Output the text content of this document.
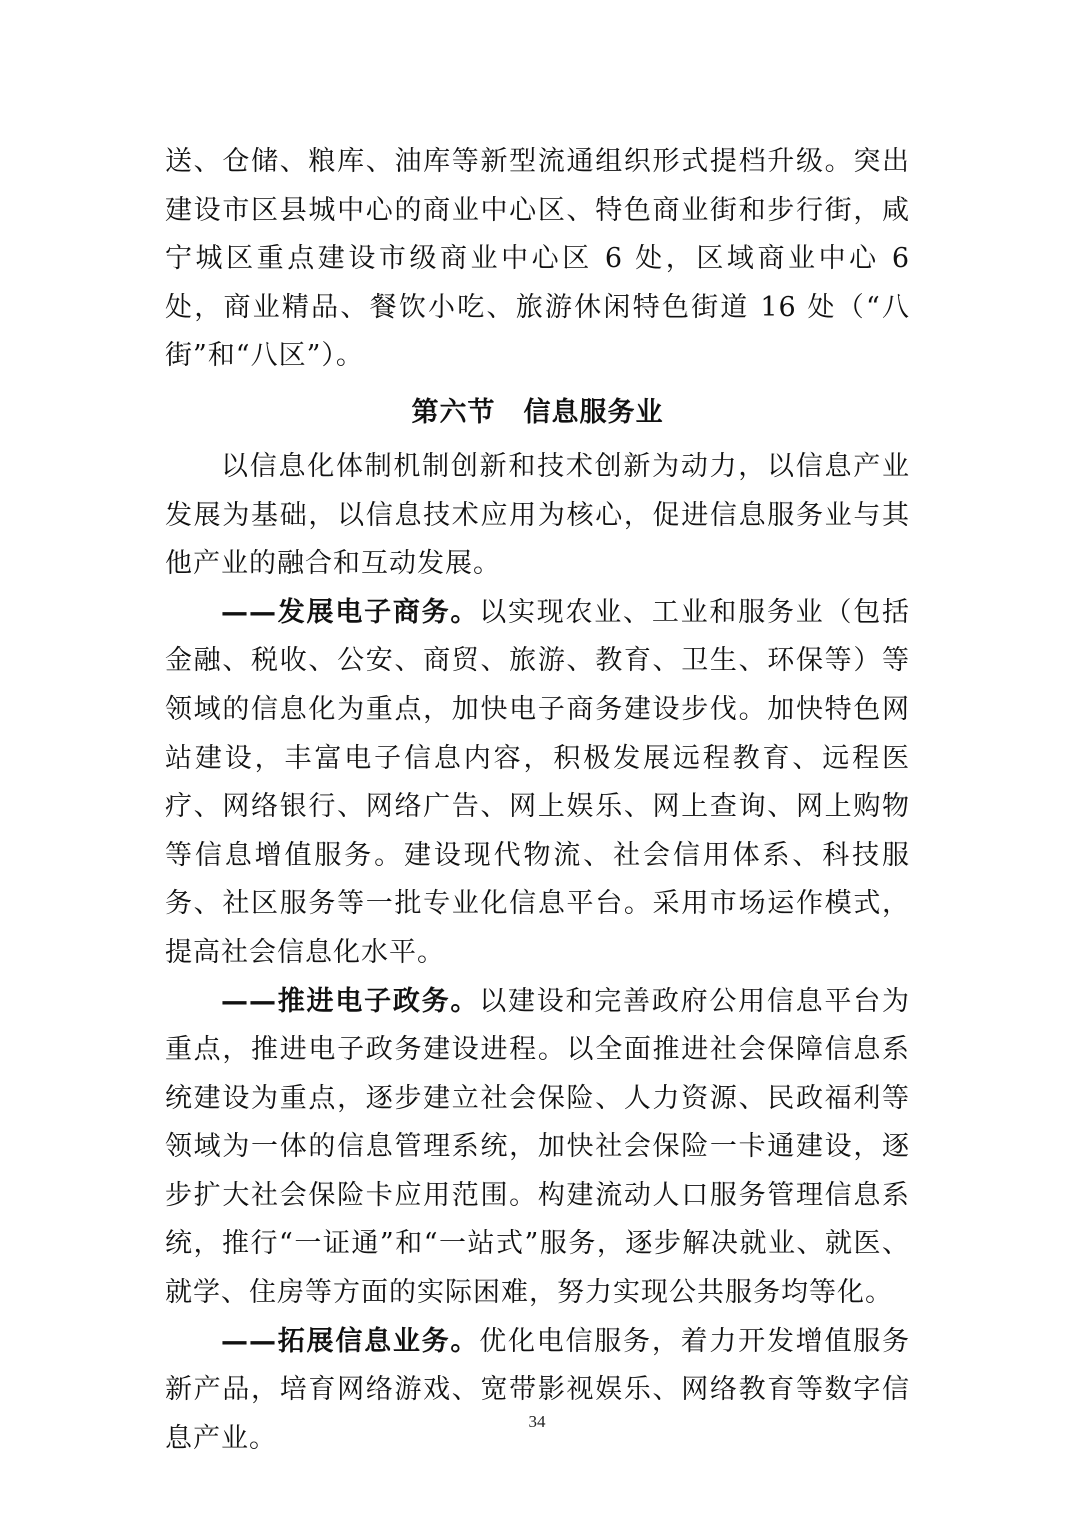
送、仓储、粮库、油库等新型流通组织形式提档升级。突出建设市区县城中心的商业中心区、特色商业街和步行街，咸宁城区重点建设市级商业中心区 6 处，区域商业中心 6 处，商业精品、餐饮小吃、旅游休闲特色街道 16 处（“八街”和“八区”）。

第六节　信息服务业

以信息化体制机制创新和技术创新为动力，以信息产业发展为基础，以信息技术应用为核心，促进信息服务业与其他产业的融合和互动发展。

——发展电子商务。以实现农业、工业和服务业（包括金融、税收、公安、商贸、旅游、教育、卫生、环保等）等领域的信息化为重点，加快电子商务建设步伐。加快特色网站建设，丰富电子信息内容，积极发展远程教育、远程医疗、网络银行、网络广告、网上娱乐、网上查询、网上购物等信息增值服务。建设现代物流、社会信用体系、科技服务、社区服务等一批专业化信息平台。采用市场运作模式，提高社会信息化水平。

——推进电子政务。以建设和完善政府公用信息平台为重点，推进电子政务建设进程。以全面推进社会保障信息系统建设为重点，逐步建立社会保险、人力资源、民政福利等领域为一体的信息管理系统，加快社会保险一卡通建设，逐步扩大社会保险卡应用范围。构建流动人口服务管理信息系统，推行“一证通”和“一站式”服务，逐步解决就业、就医、就学、住房等方面的实际困难，努力实现公共服务均等化。

——拓展信息业务。优化电信服务，着力开发增值服务新产品，培育网络游戏、宽带影视娱乐、网络教育等数字信息产业。

34
